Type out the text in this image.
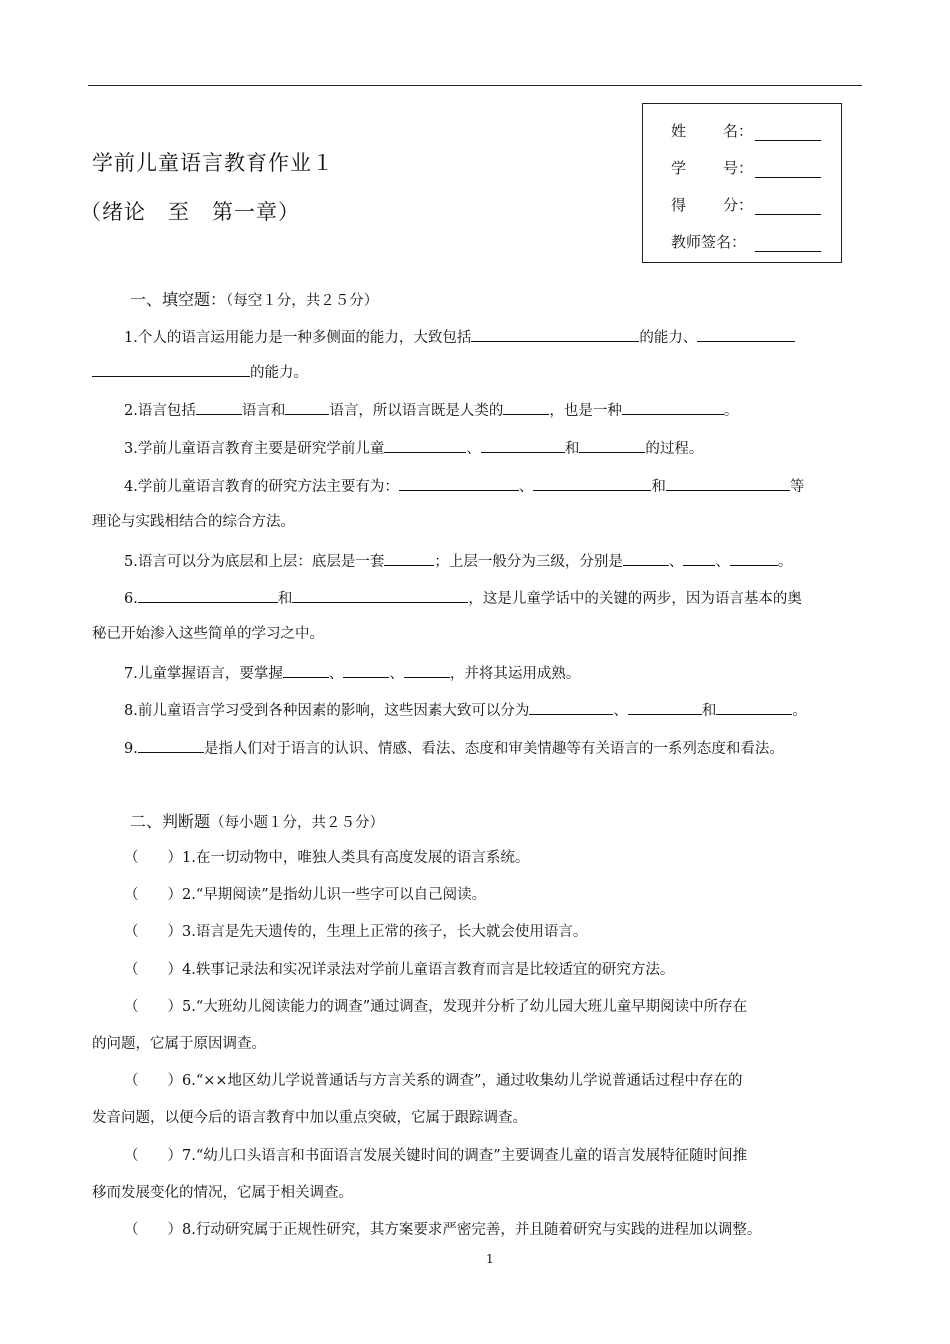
学前儿童语言教育作业１
（绪论　至　第一章）
姓 名：
学 号：
得 分：
教师签名：
一、填空题：（每空１分，共２５分）
1.个人的语言运用能力是一种多侧面的能力，大致包括	的能力、
的能力。
2.语言包括	语言和	语言，所以语言既是人类的	，也是一种	。
3.学前儿童语言教育主要是研究学前儿童	、	和	的过程。
4.学前儿童语言教育的研究方法主要有为：	、	和	等
理论与实践相结合的综合方法。
5.语言可以分为底层和上层：底层是一套	；上层一般分为三级，分别是	、 、	。
6.	和	，这是儿童学话中的关键的两步，因为语言基本的奥
秘已开始渗入这些简单的学习之中。
7.儿童掌握语言，要掌握	、	、	，并将其运用成熟。
8.前儿童语言学习受到各种因素的影响，这些因素大致可以分为	、	和	。
9.	是指人们对于语言的认识、情感、看法、态度和审美情趣等有关语言的一系列态度和看法。
二、判断题（每小题１分，共２５分）
（　　）1.在一切动物中，唯独人类具有高度发展的语言系统。
（　　）2.“早期阅读”是指幼儿识一些字可以自己阅读。
（　　）3.语言是先天遗传的，生理上正常的孩子，长大就会使用语言。
（　　）4.轶事记录法和实况详录法对学前儿童语言教育而言是比较适宜的研究方法。
（　　）5.“大班幼儿阅读能力的调查”通过调查，发现并分析了幼儿园大班儿童早期阅读中所存在
的问题，它属于原因调查。
（　　）6.“××地区幼儿学说普通话与方言关系的调查”，通过收集幼儿学说普通话过程中存在的
发音问题，以便今后的语言教育中加以重点突破，它属于跟踪调查。
（　　）7.“幼儿口头语言和书面语言发展关键时间的调查”主要调查儿童的语言发展特征随时间推
移而发展变化的情况，它属于相关调查。
（　　）8.行动研究属于正规性研究，其方案要求严密完善，并且随着研究与实践的进程加以调整。
1
